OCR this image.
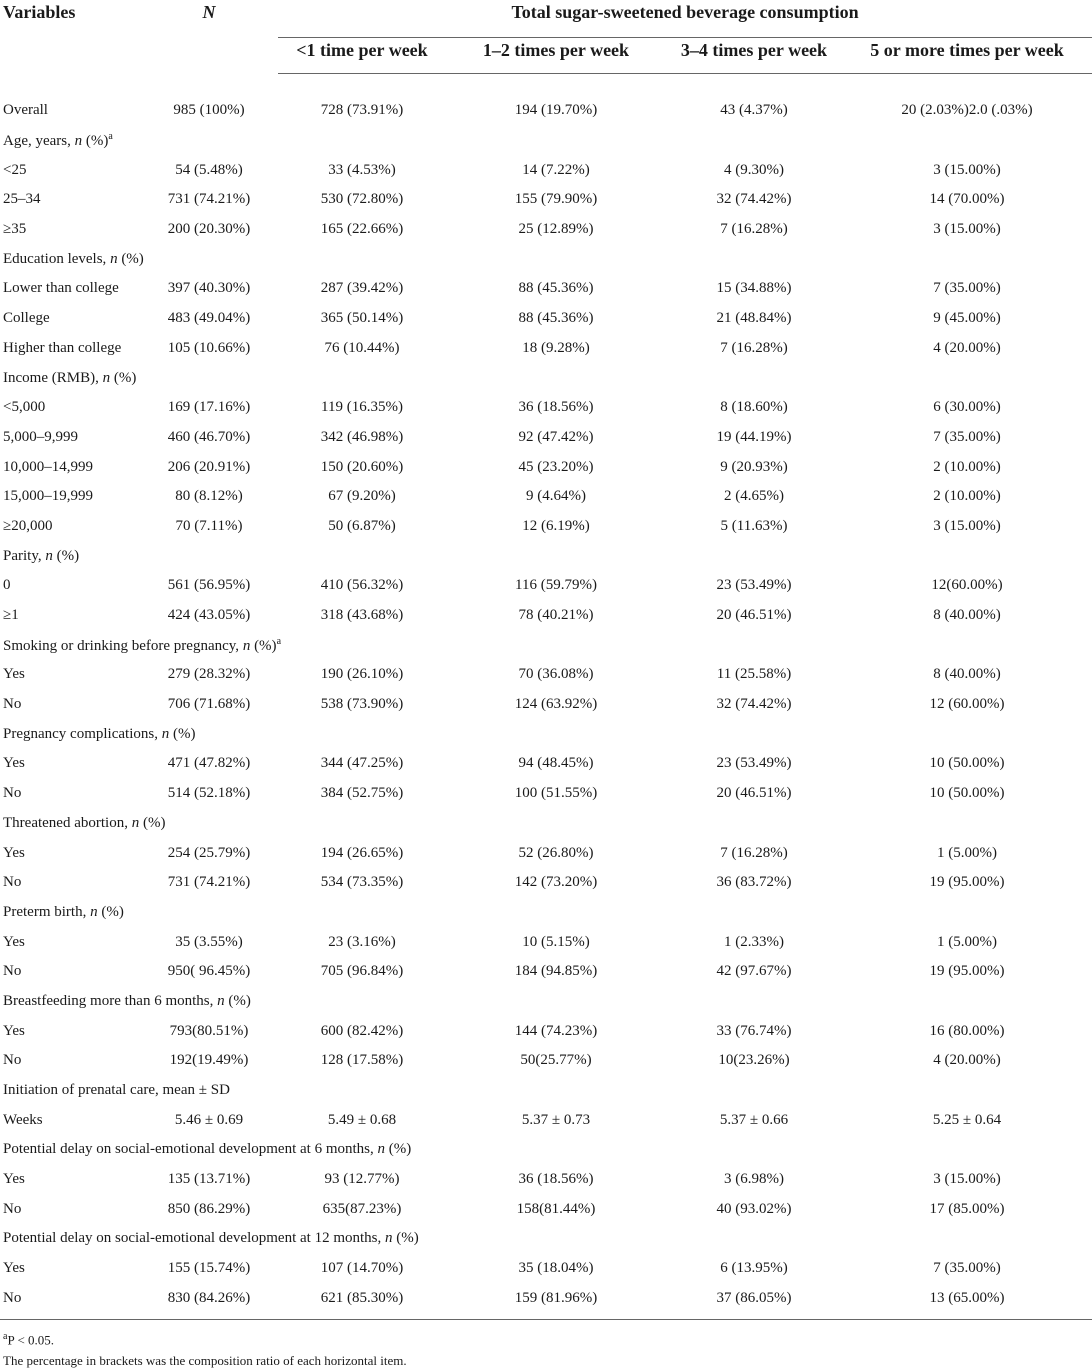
Variables	N	Total sugar-sweetened beverage consumption			
		<1 time per week	1–2 times per week	3–4 times per week	5 or more times per week
Overall	985 (100%)	728 (73.91%)	194 (19.70%)	43 (4.37%)	20 (2.03%)2.0 (.03%)
Age, years, n (%)$^a$
<25	54 (5.48%)	33 (4.53%)	14 (7.22%)	4 (9.30%)	3 (15.00%)
25–34	731 (74.21%)	530 (72.80%)	155 (79.90%)	32 (74.42%)	14 (70.00%)
≥35	200 (20.30%)	165 (22.66%)	25 (12.89%)	7 (16.28%)	3 (15.00%)
Education levels, n (%)					
Lower than college	397 (40.30%)	287 (39.42%)	88 (45.36%)	15 (34.88%)	7 (35.00%)
College	483 (49.04%)	365 (50.14%)	88 (45.36%)	21 (48.84%)	9 (45.00%)
Higher than college	105 (10.66%)	76 (10.44%)	18 (9.28%)	7 (16.28%)	4 (20.00%)
Income (RMB), n (%)					
<5,000	169 (17.16%)	119 (16.35%)	36 (18.56%)	8 (18.60%)	6 (30.00%)
5,000–9,999	460 (46.70%)	342 (46.98%)	92 (47.42%)	19 (44.19%)	7 (35.00%)
10,000–14,999	206 (20.91%)	150 (20.60%)	45 (23.20%)	9 (20.93%)	2 (10.00%)
15,000–19,999	80 (8.12%)	67 (9.20%)	9 (4.64%)	2 (4.65%)	2 (10.00%)
≥20,000	70 (7.11%)	50 (6.87%)	12 (6.19%)	5 (11.63%)	3 (15.00%)
Parity, n (%)					
0	561 (56.95%)	410 (56.32%)	116 (59.79%)	23 (53.49%)	12(60.00%)
≥1	424 (43.05%)	318 (43.68%)	78 (40.21%)	20 (46.51%)	8 (40.00%)
Smoking or drinking before pregnancy, n (%)$^a$
Yes	279 (28.32%)	190 (26.10%)	70 (36.08%)	11 (25.58%)	8 (40.00%)
No	706 (71.68%)	538 (73.90%)	124 (63.92%)	32 (74.42%)	12 (60.00%)
Pregnancy complications, n (%)					
Yes	471 (47.82%)	344 (47.25%)	94 (48.45%)	23 (53.49%)	10 (50.00%)
No	514 (52.18%)	384 (52.75%)	100 (51.55%)	20 (46.51%)	10 (50.00%)
Threatened abortion, n (%)					
Yes	254 (25.79%)	194 (26.65%)	52 (26.80%)	7 (16.28%)	1 (5.00%)
No	731 (74.21%)	534 (73.35%)	142 (73.20%)	36 (83.72%)	19 (95.00%)
Preterm birth, n (%)					
Yes	35 (3.55%)	23 (3.16%)	10 (5.15%)	1 (2.33%)	1 (5.00%)
No	950( 96.45%)	705 (96.84%)	184 (94.85%)	42 (97.67%)	19 (95.00%)
Breastfeeding more than 6 months, n (%)					
Yes	793(80.51%)	600 (82.42%)	144 (74.23%)	33 (76.74%)	16 (80.00%)
No	192(19.49%)	128 (17.58%)	50(25.77%)	10(23.26%)	4 (20.00%)
Initiation of prenatal care, mean ± SD					
Weeks	5.46 ± 0.69	5.49 ± 0.68	5.37 ± 0.73	5.37 ± 0.66	5.25 ± 0.64
Potential delay on social-emotional development at 6 months, n (%)					
Yes	135 (13.71%)	93 (12.77%)	36 (18.56%)	3 (6.98%)	3 (15.00%)
No	850 (86.29%)	635(87.23%)	158(81.44%)	40 (93.02%)	17 (85.00%)
Potential delay on social-emotional development at 12 months, n (%)					
Yes	155 (15.74%)	107 (14.70%)	35 (18.04%)	6 (13.95%)	7 (35.00%)
No	830 (84.26%)	621 (85.30%)	159 (81.96%)	37 (86.05%)	13 (65.00%)
$^a$P < 0.05.
The percentage in brackets was the composition ratio of each horizontal item.
